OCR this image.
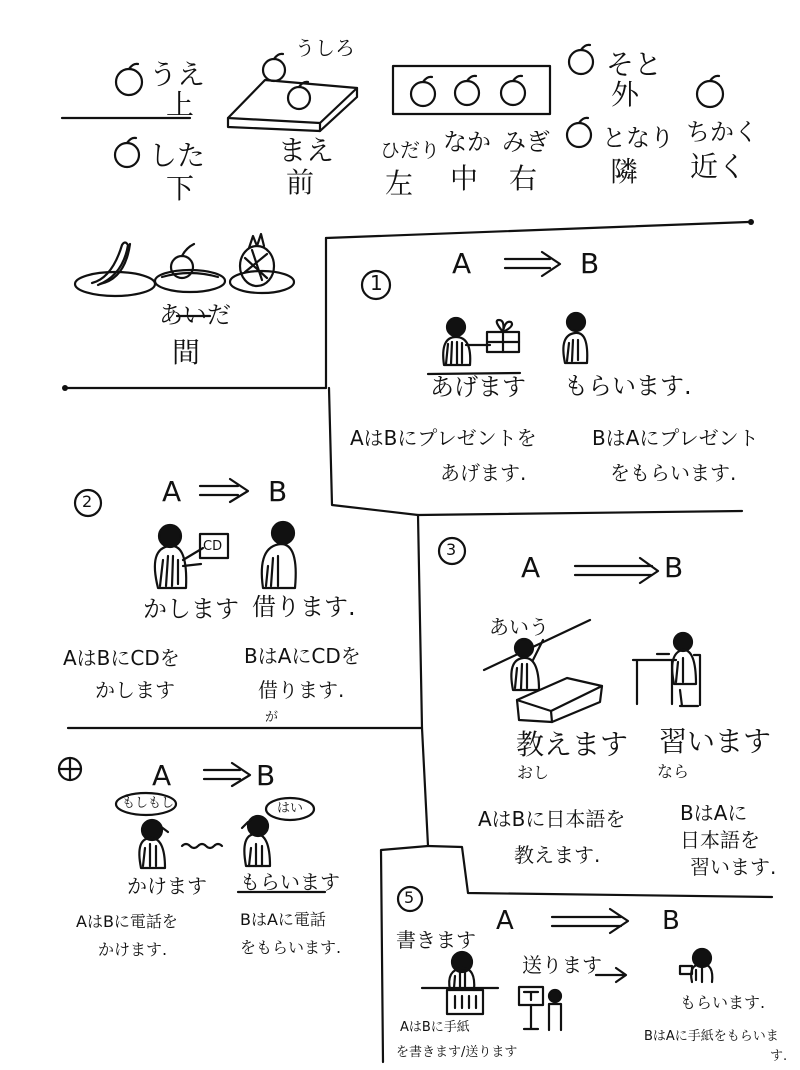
うえ
上
した
下
うしろ
まえ
前
ひだり
左
なか
中
みぎ
右
そと
外
となり
隣
ちかく
近く
あいだ
間
1
A	B
あげます もらいます.
AはBにプレゼントを
あげます.
BはAにプレゼント
をもらいます.
2 A	B
CD
かします 借ります.
AはBにCDを
かします
BはAにCDを
借ります.
が
3
A	B
あいう
教えます 習います
おし	なら
AはBに日本語を
教えます.
BはAに
日本語を
習います.
A	B
もしもし	はい
かけます もらいます
AはBに電話を
かけます.
BはAに電話
をもらいます.
5
A	B
書きます
送ります
もらいます.
AはBに手紙
を書きます/送ります
BはAに手紙をもらいま
す.
